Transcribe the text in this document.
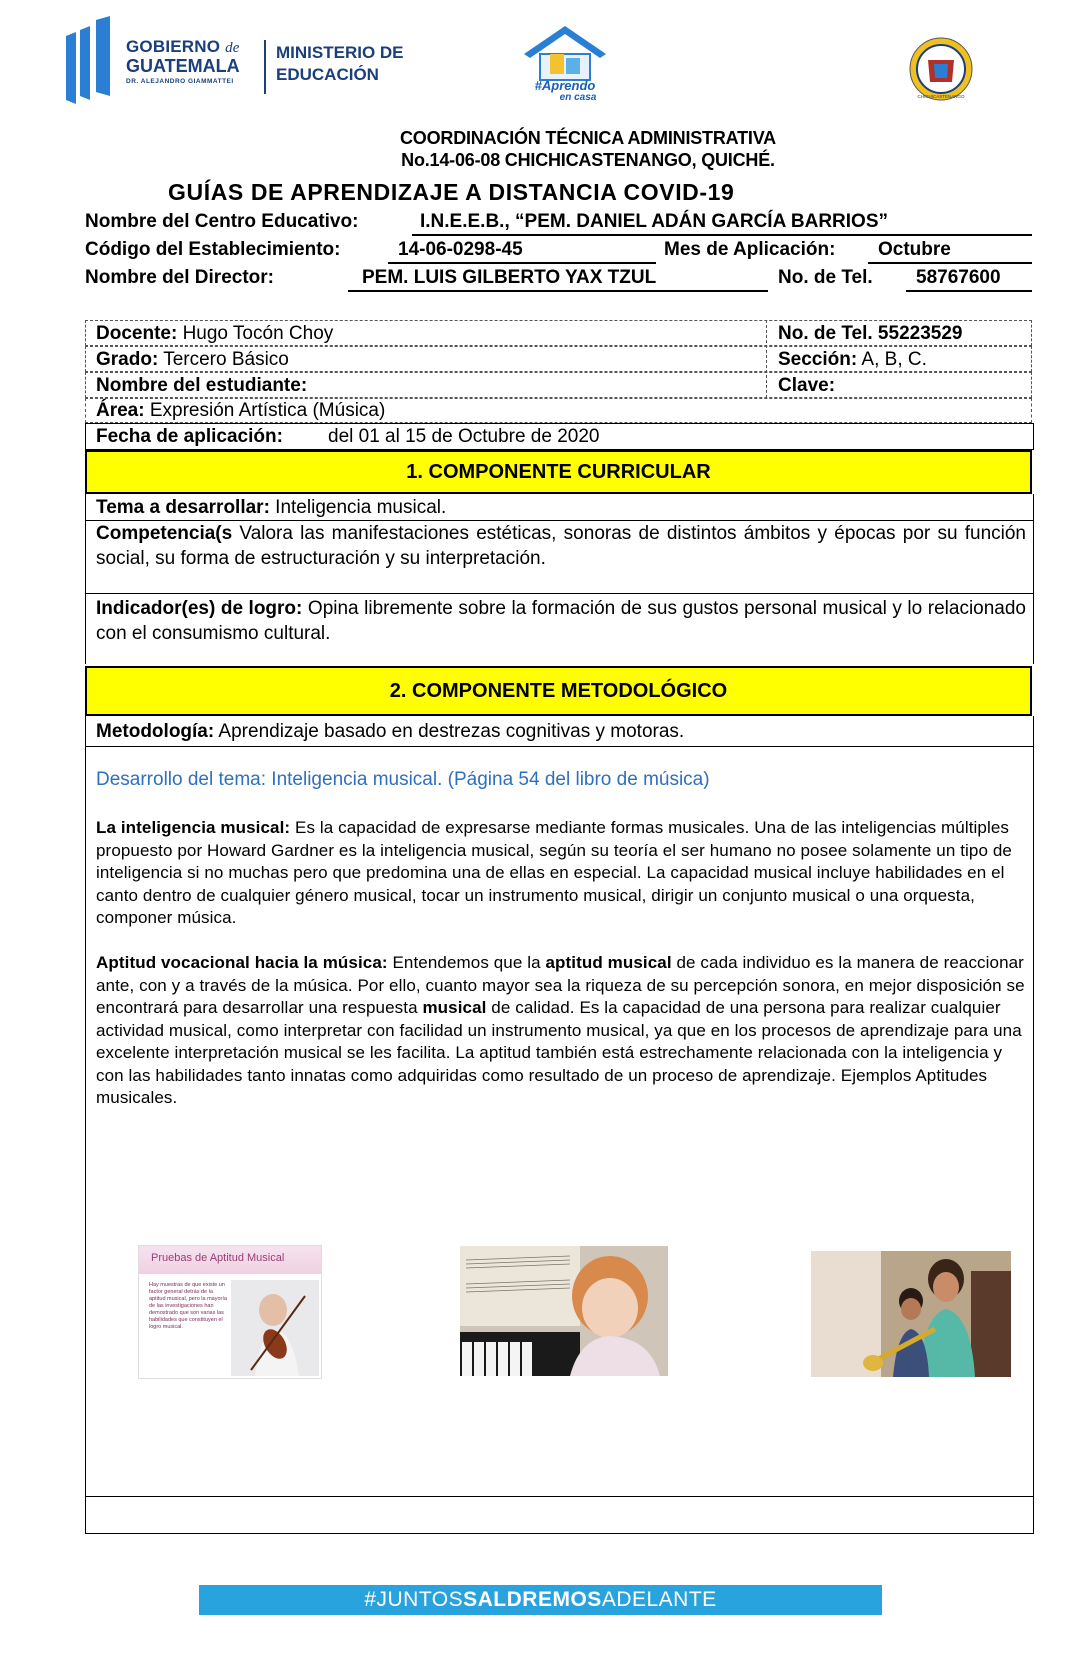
GOBIERNO de
GUATEMALA
DR. ALEJANDRO GIAMMATTEI
MINISTERIO DE
EDUCACIÓN
#Aprendo
en casa	CHICHICASTENANGO
COORDINACIÓN TÉCNICA ADMINISTRATIVA
No.14-06-08 CHICHICASTENANGO, QUICHÉ.
GUÍAS DE APRENDIZAJE A DISTANCIA COVID-19
Nombre del Centro Educativo:	I.N.E.E.B., “PEM. DANIEL ADÁN GARCÍA BARRIOS”
Código del Establecimiento:	14-06-0298-45	Mes de Aplicación:	Octubre
Nombre del Director:	PEM. LUIS GILBERTO YAX TZUL	No. de Tel.	58767600
Docente: Hugo Tocón Choy	No. de Tel. 55223529
Grado: Tercero Básico	Sección: A, B, C.
Nombre del estudiante:	Clave:
Área: Expresión Artística (Música)
Fecha de aplicación: del 01 al 15 de Octubre de 2020
1. COMPONENTE CURRICULAR
Tema a desarrollar: Inteligencia musical.
Competencia(s Valora las manifestaciones estéticas, sonoras de distintos ámbitos y épocas por su función social, su forma de estructuración y su interpretación.
Indicador(es) de logro: Opina libremente sobre la formación de sus gustos personal musical y lo relacionado con el consumismo cultural.
2. COMPONENTE METODOLÓGICO
Metodología: Aprendizaje basado en destrezas cognitivas y motoras.
Desarrollo del tema: Inteligencia musical. (Página 54 del libro de música)
La inteligencia musical: Es la capacidad de expresarse mediante formas musicales. Una de las inteligencias múltiples propuesto por Howard Gardner es la inteligencia musical, según su teoría el ser humano no posee solamente un tipo de inteligencia si no muchas pero que predomina una de ellas en especial. La capacidad musical incluye habilidades en el canto dentro de cualquier género musical, tocar un instrumento musical, dirigir un conjunto musical o una orquesta, componer música.
Aptitud vocacional hacia la música: Entendemos que la aptitud musical de cada individuo es la manera de reaccionar ante, con y a través de la música. Por ello, cuanto mayor sea la riqueza de su percepción sonora, en mejor disposición se encontrará para desarrollar una respuesta musical de calidad. Es la capacidad de una persona para realizar cualquier actividad musical, como interpretar con facilidad un instrumento musical, ya que en los procesos de aprendizaje para una excelente interpretación musical se les facilita. La aptitud también está estrechamente relacionada con la inteligencia y con las habilidades tanto innatas como adquiridas como resultado de un proceso de aprendizaje. Ejemplos Aptitudes musicales.
Pruebas de Aptitud Musical
Hay muestras de que existe un factor general detrás de la aptitud musical, pero la mayoría de las investigaciones han demostrado que son varias las habilidades que constituyen el logro musical.
#JUNTOSSALDREMOSADELANTE
